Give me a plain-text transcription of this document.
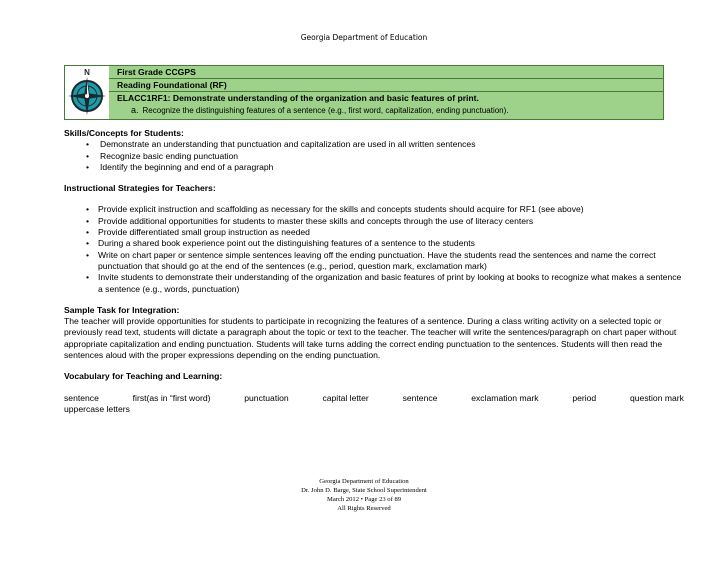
Georgia Department of Education
N	First Grade CCGPS
Reading Foundational (RF)
ELACC1RF1: Demonstrate understanding of the organization and basic features of print.
a. Recognize the distinguishing features of a sentence (e.g., first word, capitalization, ending punctuation).
Skills/Concepts for Students:
• Demonstrate an understanding that punctuation and capitalization are used in all written sentences
• Recognize basic ending punctuation
• Identify the beginning and end of a paragraph
Instructional Strategies for Teachers:
• Provide explicit instruction and scaffolding as necessary for the skills and concepts students should acquire for RF1 (see above)
• Provide additional opportunities for students to master these skills and concepts through the use of literacy centers
• Provide differentiated small group instruction as needed
• During a shared book experience point out the distinguishing features of a sentence to the students
• Write on chart paper or sentence simple sentences leaving off the ending punctuation. Have the students read the sentences and name the correct punctuation that should go at the end of the sentences (e.g., period, question mark, exclamation mark)
• Invite students to demonstrate their understanding of the organization and basic features of print by looking at books to recognize what makes a sentence a sentence (e.g., words, punctuation)
Sample Task for Integration:
The teacher will provide opportunities for students to participate in recognizing the features of a sentence. During a class writing activity on a selected topic or previously read text, students will dictate a paragraph about the topic or text to the teacher. The teacher will write the sentences/paragraph on chart paper without appropriate capitalization and ending punctuation. Students will take turns adding the correct ending punctuation to the sentences. Students will then read the sentences aloud with the proper expressions depending on the ending punctuation.
Vocabulary for Teaching and Learning:
sentence	first(as in “first word)	punctuation	capital letter	sentence	exclamation mark	period	question mark
uppercase letters
Georgia Department of Education
Dr. John D. Barge, State School Superintendent
March 2012 • Page 23 of 89
All Rights Reserved
